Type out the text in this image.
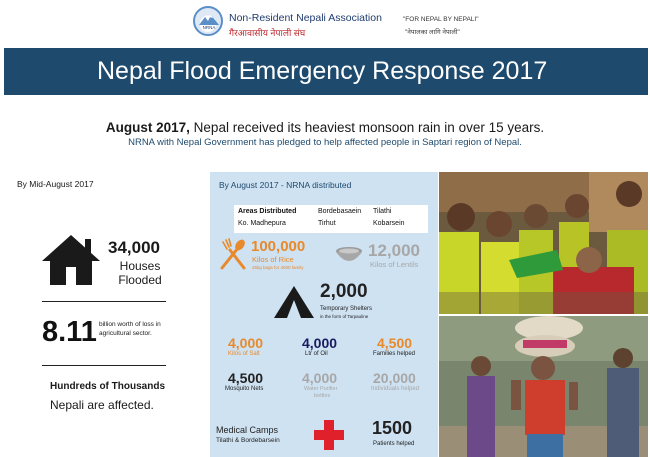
NRNA
Non-Resident Nepali Association
गैरआवासीय नेपाली संघ
"FOR NEPAL BY NEPALI"
"नेपालका लागि नेपाली"
Nepal Flood Emergency Response 2017
August 2017, Nepal received its heaviest monsoon rain in over 15 years.
NRNA with Nepal Government has pledged to help affected people in Saptari region of Nepal.
By Mid-August 2017
34,000
Houses
Flooded
8.11 billion worth of loss in agricultural sector.
Hundreds of Thousands
Nepali are affected.
By August 2017 - NRNA distributed
Areas Distributed
Ko. Madhepura
Bordebasaein
Tirhut
Tilathi
Kobarsein
100,000
Kilos of Rice
25kg bags for 4000 family
12,000
Kilos of Lentils
2,000
Temporary Shelters
in the form of Tarpauline
4,000
Kilos of Salt
4,000
Ltr of Oil
4,500
Families helped
4,500
Mosquito Nets
4,000
Water Purifier
bottles
20,000
Individuals helped
Medical Camps
Tilathi & Bordebarsein
1500
Patients helped
